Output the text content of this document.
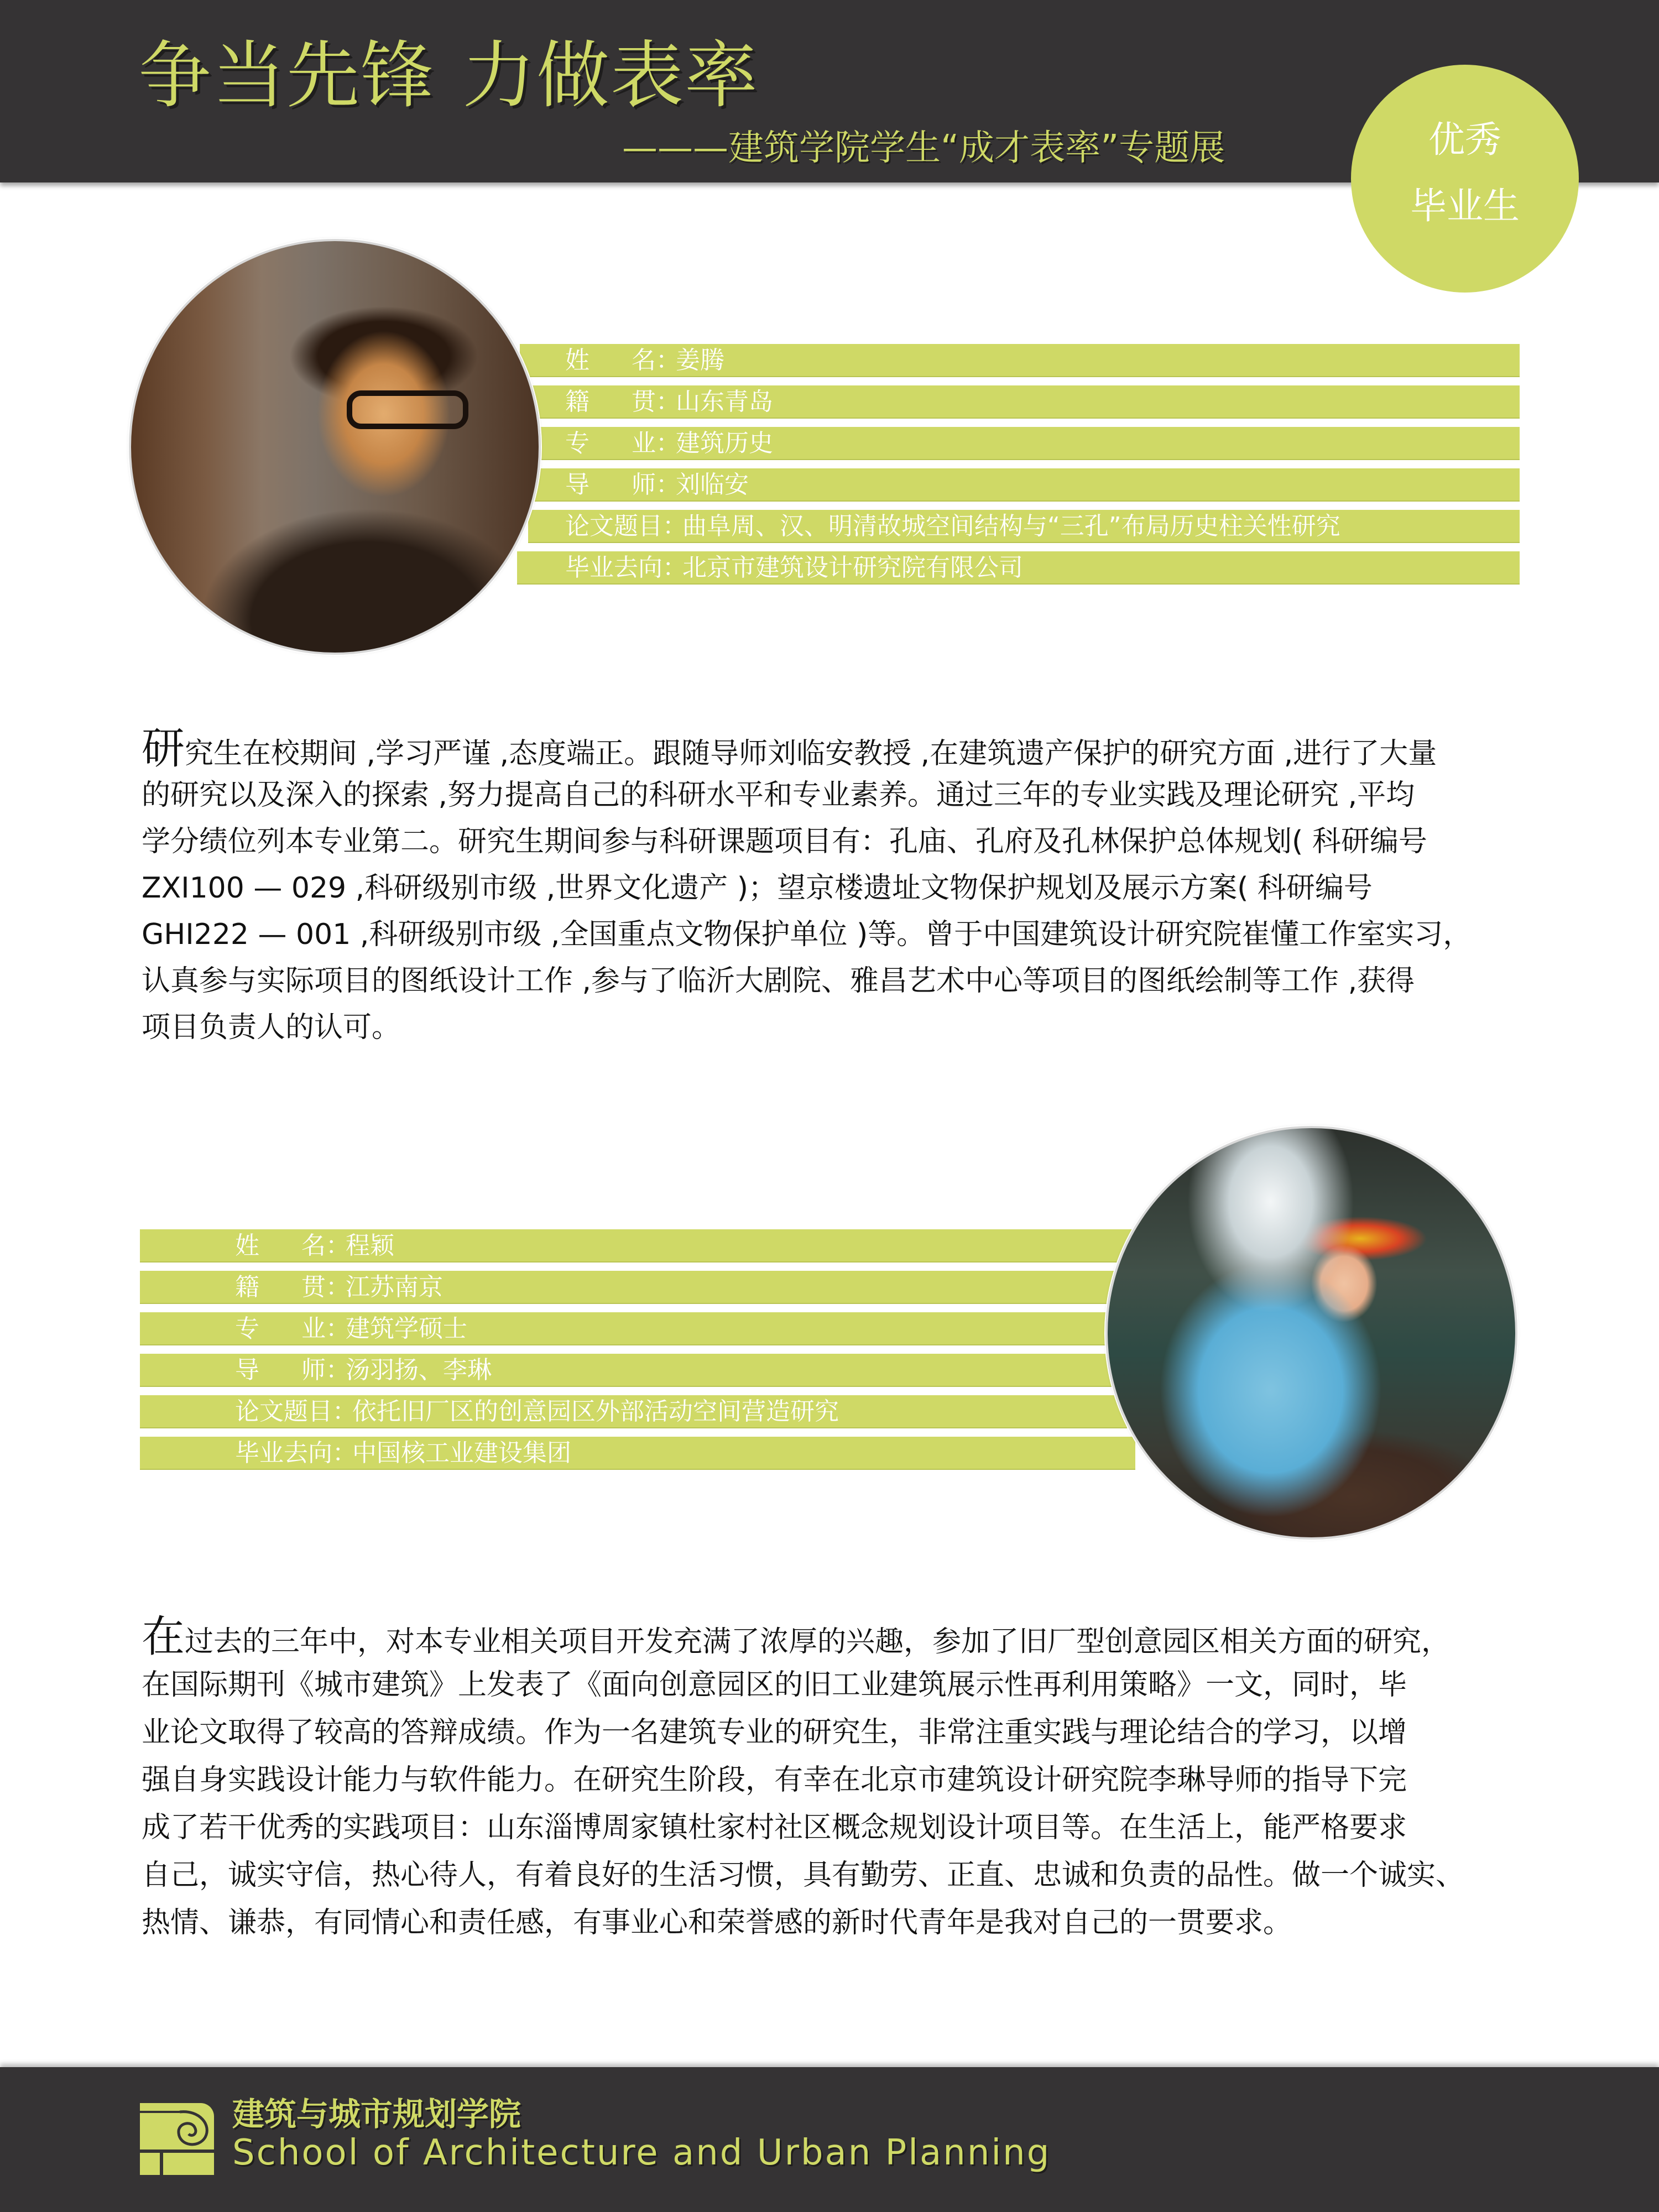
争当先锋 力做表率
———建筑学院学生“成才表率”专题展	优秀
毕业生
姓 名 ：姜腾
籍 贯 ：山东青岛
专 业 ：建筑历史
导 师 ：刘临安
论文题目：曲阜周、汉、明清故城空间结构与“三孔”布局历史柱关性研究
毕业去向：北京市建筑设计研究院有限公司
研究生在校期间 ,学习严谨 ,态度端正。跟随导师刘临安教授 ,在建筑遗产保护的研究方面 ,进行了大量
的研究以及深入的探索 ,努力提高自己的科研水平和专业素养。通过三年的专业实践及理论研究 ,平均
学分绩位列本专业第二。研究生期间参与科研课题项目有：孔庙、孔府及孔林保护总体规划( 科研编号
ZXI100 — 029 ,科研级别市级 ,世界文化遗产 )；望京楼遗址文物保护规划及展示方案( 科研编号
GHI222 — 001 ,科研级别市级 ,全国重点文物保护单位 )等。曾于中国建筑设计研究院崔懂工作室实习，
认真参与实际项目的图纸设计工作 ,参与了临沂大剧院、雅昌艺术中心等项目的图纸绘制等工作 ,获得
项目负责人的认可。
姓 名 ：程颖
籍 贯 ：江苏南京
专 业 ：建筑学硕士
导 师 ：汤羽扬、李琳
论文题目：依托旧厂区的创意园区外部活动空间营造研究
毕业去向：中国核工业建设集团
在过去的三年中，对本专业相关项目开发充满了浓厚的兴趣，参加了旧厂型创意园区相关方面的研究，
在国际期刊《城市建筑》上发表了《面向创意园区的旧工业建筑展示性再利用策略》一文，同时，毕
业论文取得了较高的答辩成绩。作为一名建筑专业的研究生，非常注重实践与理论结合的学习，以增
强自身实践设计能力与软件能力。在研究生阶段，有幸在北京市建筑设计研究院李琳导师的指导下完
成了若干优秀的实践项目：山东淄博周家镇杜家村社区概念规划设计项目等。在生活上，能严格要求
自己，诚实守信，热心待人，有着良好的生活习惯，具有勤劳、正直、忠诚和负责的品性。做一个诚实、
热情、谦恭，有同情心和责任感，有事业心和荣誉感的新时代青年是我对自己的一贯要求。
建筑与城市规划学院
School of Architecture and Urban Planning
